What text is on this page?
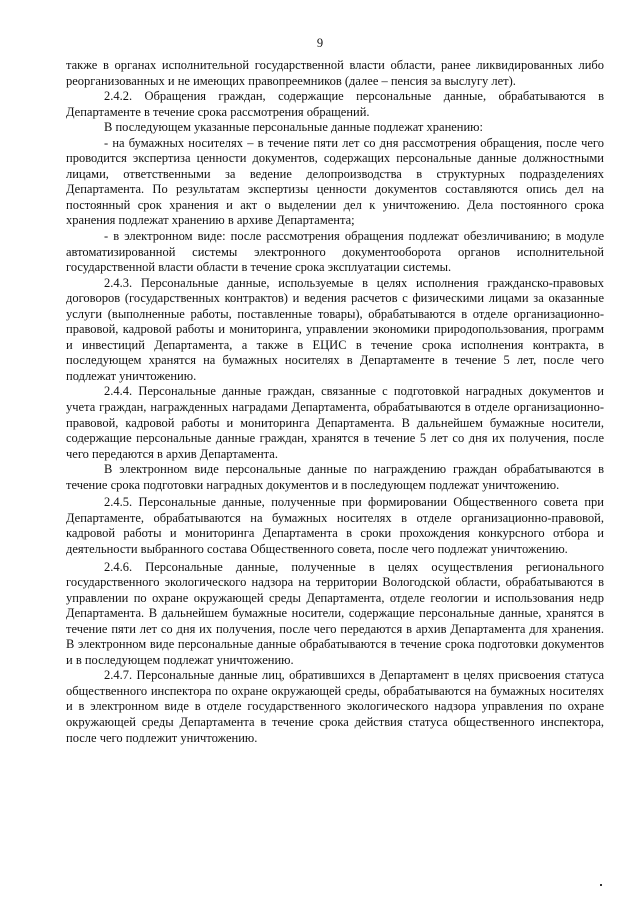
9

также в органах исполнительной государственной власти области, ранее ликвидированных либо реорганизованных и не имеющих правопреемников (далее – пенсия за выслугу лет).

2.4.2. Обращения граждан, содержащие персональные данные, обрабатываются в Департаменте в течение срока рассмотрения обращений.

В последующем указанные персональные данные подлежат хранению:

- на бумажных носителях – в течение пяти лет со дня рассмотрения обращения, после чего проводится экспертиза ценности документов, содержащих персональные данные должностными лицами, ответственными за ведение делопроизводства в структурных подразделениях Департамента. По результатам экспертизы ценности документов составляются опись дел на постоянный срок хранения и акт о выделении дел к уничтожению. Дела постоянного срока хранения подлежат хранению в архиве Департамента;

- в электронном виде: после рассмотрения обращения подлежат обезличиванию; в модуле автоматизированной системы электронного документооборота органов исполнительной государственной власти области в течение срока эксплуатации системы.

2.4.3. Персональные данные, используемые в целях исполнения гражданско-правовых договоров (государственных контрактов) и ведения расчетов с физическими лицами за оказанные услуги (выполненные работы, поставленные товары), обрабатываются в отделе организационно-правовой, кадровой работы и мониторинга, управлении экономики природопользования, программ и инвестиций Департамента, а также в ЕЦИС в течение срока исполнения контракта, в последующем хранятся на бумажных носителях в Департаменте в течение 5 лет, после чего подлежат уничтожению.

2.4.4. Персональные данные граждан, связанные с подготовкой наградных документов и учета граждан, награжденных наградами Департамента, обрабатываются в отделе организационно-правовой, кадровой работы и мониторинга Департамента. В дальнейшем бумажные носители, содержащие персональные данные граждан, хранятся в течение 5 лет со дня их получения, после чего передаются в архив Департамента.

В электронном виде персональные данные по награждению граждан обрабатываются в течение срока подготовки наградных документов и в последующем подлежат уничтожению.

2.4.5. Персональные данные, полученные при формировании Общественного совета при Департаменте, обрабатываются на бумажных носителях в отделе организационно-правовой, кадровой работы и мониторинга Департамента в сроки прохождения конкурсного отбора и деятельности выбранного состава Общественного совета, после чего подлежат уничтожению.

2.4.6. Персональные данные, полученные в целях осуществления регионального государственного экологического надзора на территории Вологодской области, обрабатываются в управлении по охране окружающей среды Департамента, отделе геологии и использования недр Департамента. В дальнейшем бумажные носители, содержащие персональные данные, хранятся в течение пяти лет со дня их получения, после чего передаются в архив Департамента для хранения. В электронном виде персональные данные обрабатываются в течение срока подготовки документов и в последующем подлежат уничтожению.

2.4.7. Персональные данные лиц, обратившихся в Департамент в целях присвоения статуса общественного инспектора по охране окружающей среды, обрабатываются на бумажных носителях и в электронном виде в отделе государственного экологического надзора управления по охране окружающей среды Департамента в течение срока действия статуса общественного инспектора, после чего подлежит уничтожению.
